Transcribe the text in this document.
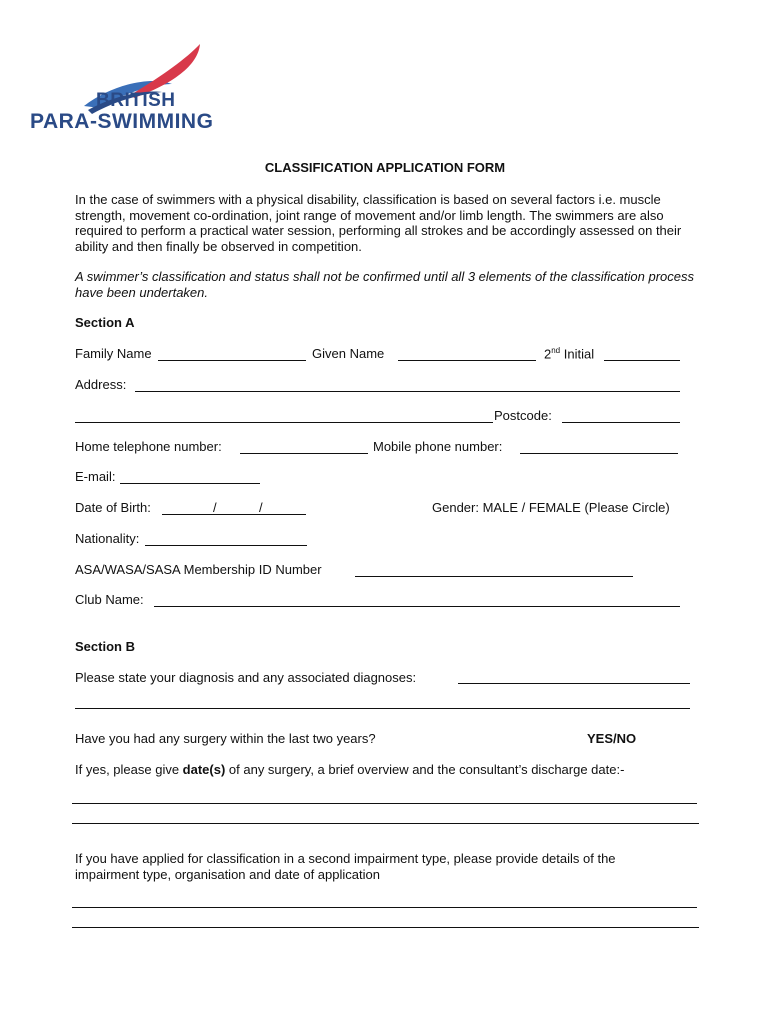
BRITISH
PARA-SWIMMING
CLASSIFICATION APPLICATION FORM
In the case of swimmers with a physical disability, classification is based on several factors i.e. muscle strength, movement co-ordination, joint range of movement and/or limb length. The swimmers are also required to perform a practical water session, performing all strokes and be accordingly assessed on their ability and then finally be observed in competition.
A swimmer’s classification and status shall not be confirmed until all 3 elements of the classification process have been undertaken.
Section A
Family Name	Given Name	2nd Initial
Address:
Postcode:
Home telephone number:	Mobile phone number:
E-mail:
Date of Birth:	/	/	Gender: MALE / FEMALE (Please Circle)
Nationality:
ASA/WASA/SASA Membership ID Number
Club Name:
Section B
Please state your diagnosis and any associated diagnoses:
Have you had any surgery within the last two years?	YES/NO
If yes, please give date(s) of any surgery, a brief overview and the consultant’s discharge date:-
If you have applied for classification in a second impairment type, please provide details of the impairment type, organisation and date of application
